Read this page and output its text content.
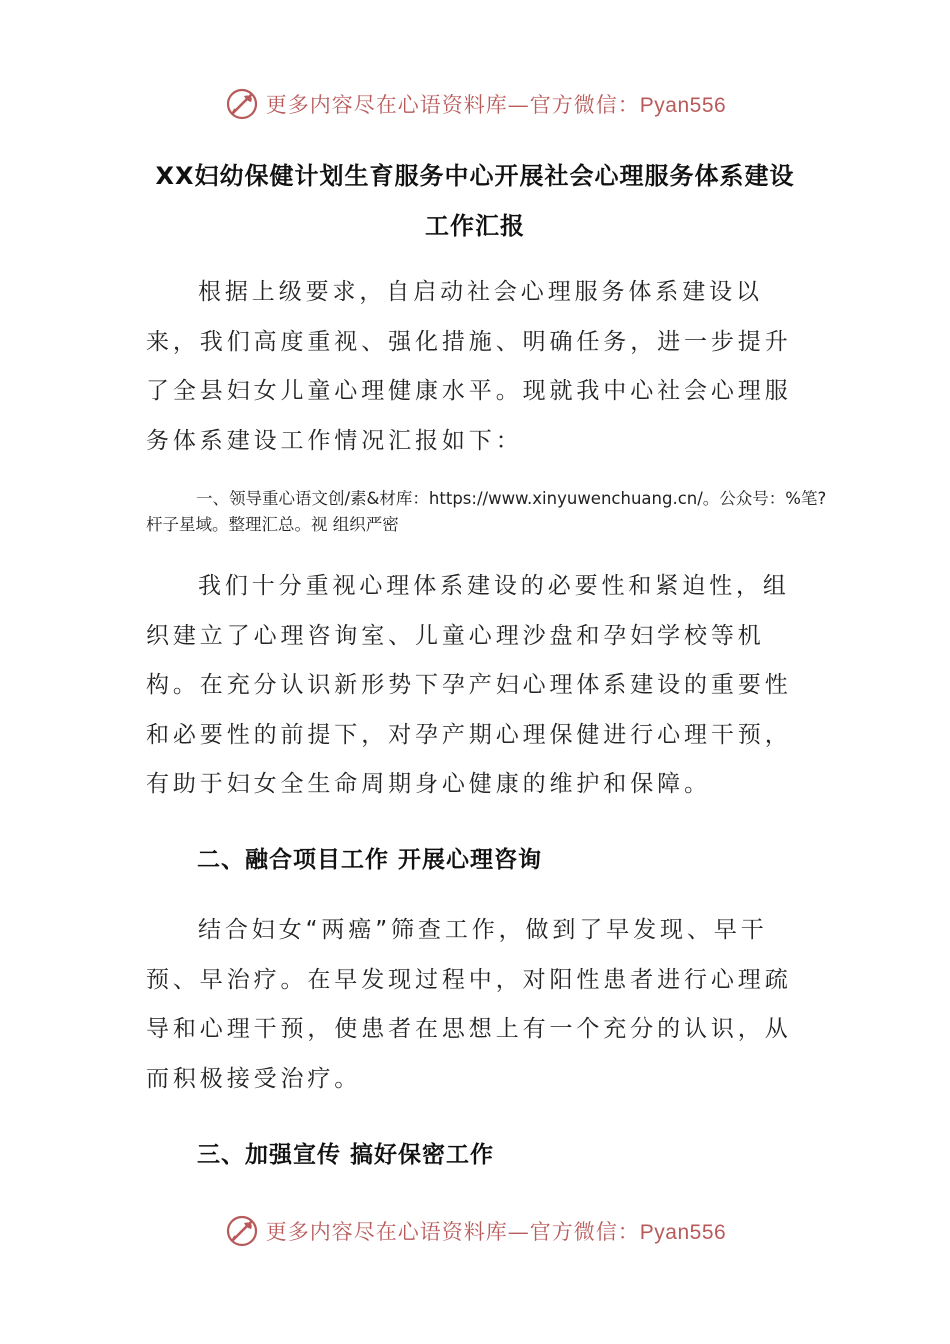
更多内容尽在心语资料库—官方微信：Pyan556
XX妇幼保健计划生育服务中心开展社会心理服务体系建设
工作汇报
根据上级要求，自启动社会心理服务体系建设以来，我们高度重视、强化措施、明确任务，进一步提升了全县妇女儿童心理健康水平。现就我中心社会心理服务体系建设工作情况汇报如下：
一、领导重心语文创/素&材库：https://www.xinyuwenchuang.cn/。公众号：%笔?杆子星域。整理汇总。视 组织严密
我们十分重视心理体系建设的必要性和紧迫性，组织建立了心理咨询室、儿童心理沙盘和孕妇学校等机构。在充分认识新形势下孕产妇心理体系建设的重要性和必要性的前提下，对孕产期心理保健进行心理干预，有助于妇女全生命周期身心健康的维护和保障。
二、融合项目工作 开展心理咨询
结合妇女“两癌”筛查工作，做到了早发现、早干预、早治疗。在早发现过程中，对阳性患者进行心理疏导和心理干预，使患者在思想上有一个充分的认识，从而积极接受治疗。
三、加强宣传 搞好保密工作
更多内容尽在心语资料库—官方微信：Pyan556
